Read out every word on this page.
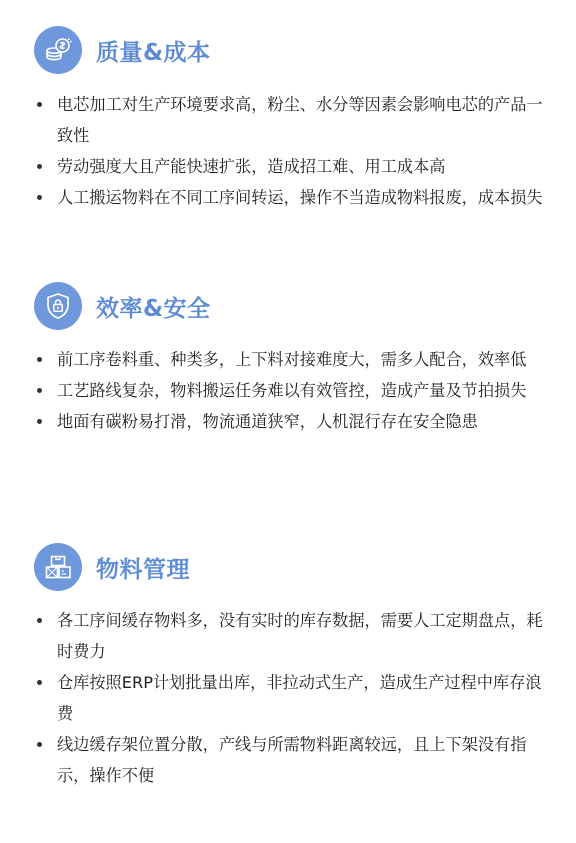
质量&成本
电芯加工对生产环境要求高，粉尘、水分等因素会影响电芯的产品一致性
劳动强度大且产能快速扩张，造成招工难、用工成本高
人工搬运物料在不同工序间转运，操作不当造成物料报废，成本损失
效率&安全
前工序卷料重、种类多，上下料对接难度大，需多人配合，效率低
工艺路线复杂，物料搬运任务难以有效管控，造成产量及节拍损失
地面有碳粉易打滑，物流通道狭窄，人机混行存在安全隐患
物料管理
各工序间缓存物料多，没有实时的库存数据，需要人工定期盘点，耗时费力
仓库按照ERP计划批量出库，非拉动式生产，造成生产过程中库存浪费
线边缓存架位置分散，产线与所需物料距离较远，且上下架没有指示，操作不便
